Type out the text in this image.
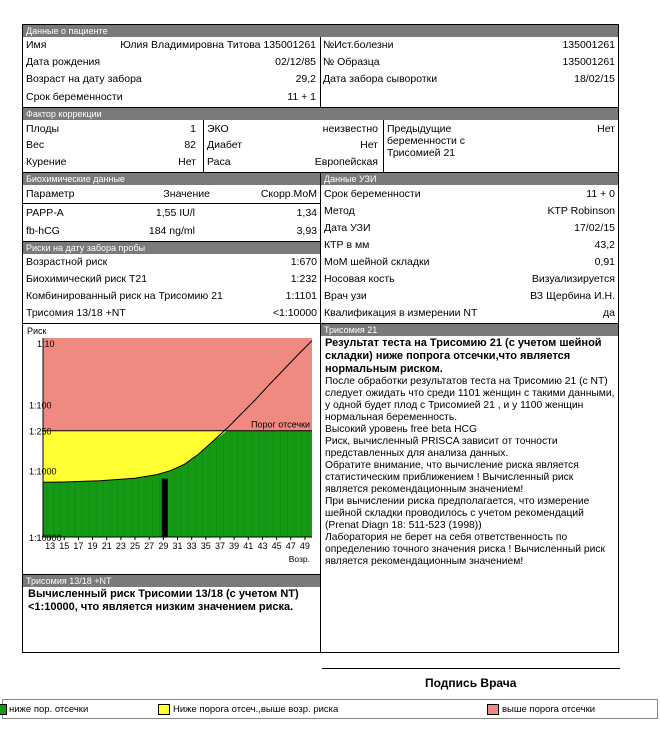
Данные о пациенте
Имя	Юлия Владимировна Титова 135001261
Дата рождения	02/12/85
Возраст на дату забора	29,2
Срок беременности	11 + 1
№Ист.болезни	135001261
№ Образца	135001261
Дата забора сыворотки	18/02/15
Фактор коррекции
Плоды	1
Вес	82
Курение	Нет
ЭКО	неизвестно
Диабет	Нет
Раса	Европейская
Предыдущие беременности с Трисомией 21
Нет
Биохимические данные
Параметр	Значение	Скорр.МоМ
PAPP-A	1,55 IU/l	1,34
fb-hCG	184 ng/ml	3,93
Риски на дату забора пробы
Возрастной риск	1:670
Биохимический риск Т21	1:232
Комбинированный риск на Трисомию 21	1:1101
Трисомия 13/18 +NT	<1:10000
Данные УЗИ
Срок беременности	11 + 0
Метод	KTP Robinson
Дата УЗИ	17/02/15
КТР в мм	43,2
МоМ шейной складки	0,91
Носовая кость	Визуализируется
Врач узи	ВЗ Щербина И.Н.
Квалификация в измерении NT	да
Риск
1:10
1:100
1:250
1:1000
1:10000
Порог отсечки
13 15 17 19 21 23 25 27 29 31 33 35 37 39 41 43 45 47 49
Возр.
Трисомия 21
Результат теста на Трисомию 21 (с учетом шейной складки) ниже попрога отсечки,что является нормальным риском.
После обработки результатов теста на Трисомию 21 (с NT) следует ожидать что среди 1101 женщин с такими данными, у одной будет плод с Трисомией 21 , и у 1100 женщин нормальная беременность.
Высокий уровень free beta HCG
Риск, вычисленный PRISCA зависит от точности представленных для анализа данных.
Обратите внимание, что вычисление риска является статистическим приближением ! Вычисленный риск является рекомендационным значением!
При вычислении риска предполагается, что измерение шейной складки проводилось с учетом рекомендаций (Prenat Diagn 18: 511-523 (1998))
Лаборатория не берет на себя ответственность по определению точного значения риска ! Вычисленный риск является рекомендационным значением!
Трисомия 13/18 +NT
Вычисленный риск Трисомии 13/18 (с учетом NT) <1:10000, что является низким значением риска.
Подпись Врача
ниже пор. отсечки	Ниже порога отсеч.,выше возр. риска	выше порога отсечки
